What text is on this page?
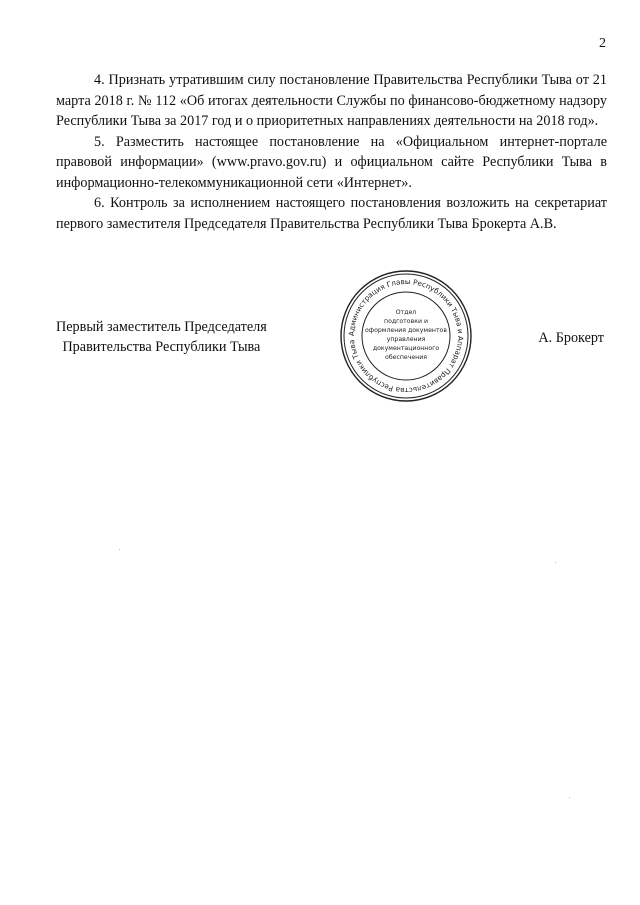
2

4. Признать утратившим силу постановление Правительства Республики Тыва от 21 марта 2018 г. № 112 «Об итогах деятельности Службы по финансово-бюджетному надзору Республики Тыва за 2017 год и о приоритетных направлениях деятельности на 2018 год».

5. Разместить настоящее постановление на «Официальном интернет-портале правовой информации» (www.pravo.gov.ru) и официальном сайте Республики Тыва в информационно-телекоммуникационной сети «Интернет».

6. Контроль за исполнением настоящего постановления возложить на секретариат первого заместителя Председателя Правительства Республики Тыва Брокерта А.В.

Первый заместитель Председателя
Правительства Республики Тыва
Администрация Главы Республики Тыва и Аппарат Правительства Республики Тыва
Отдел
подготовки и
оформления документов
управления
документационного
обеспечения
А. Брокерт
